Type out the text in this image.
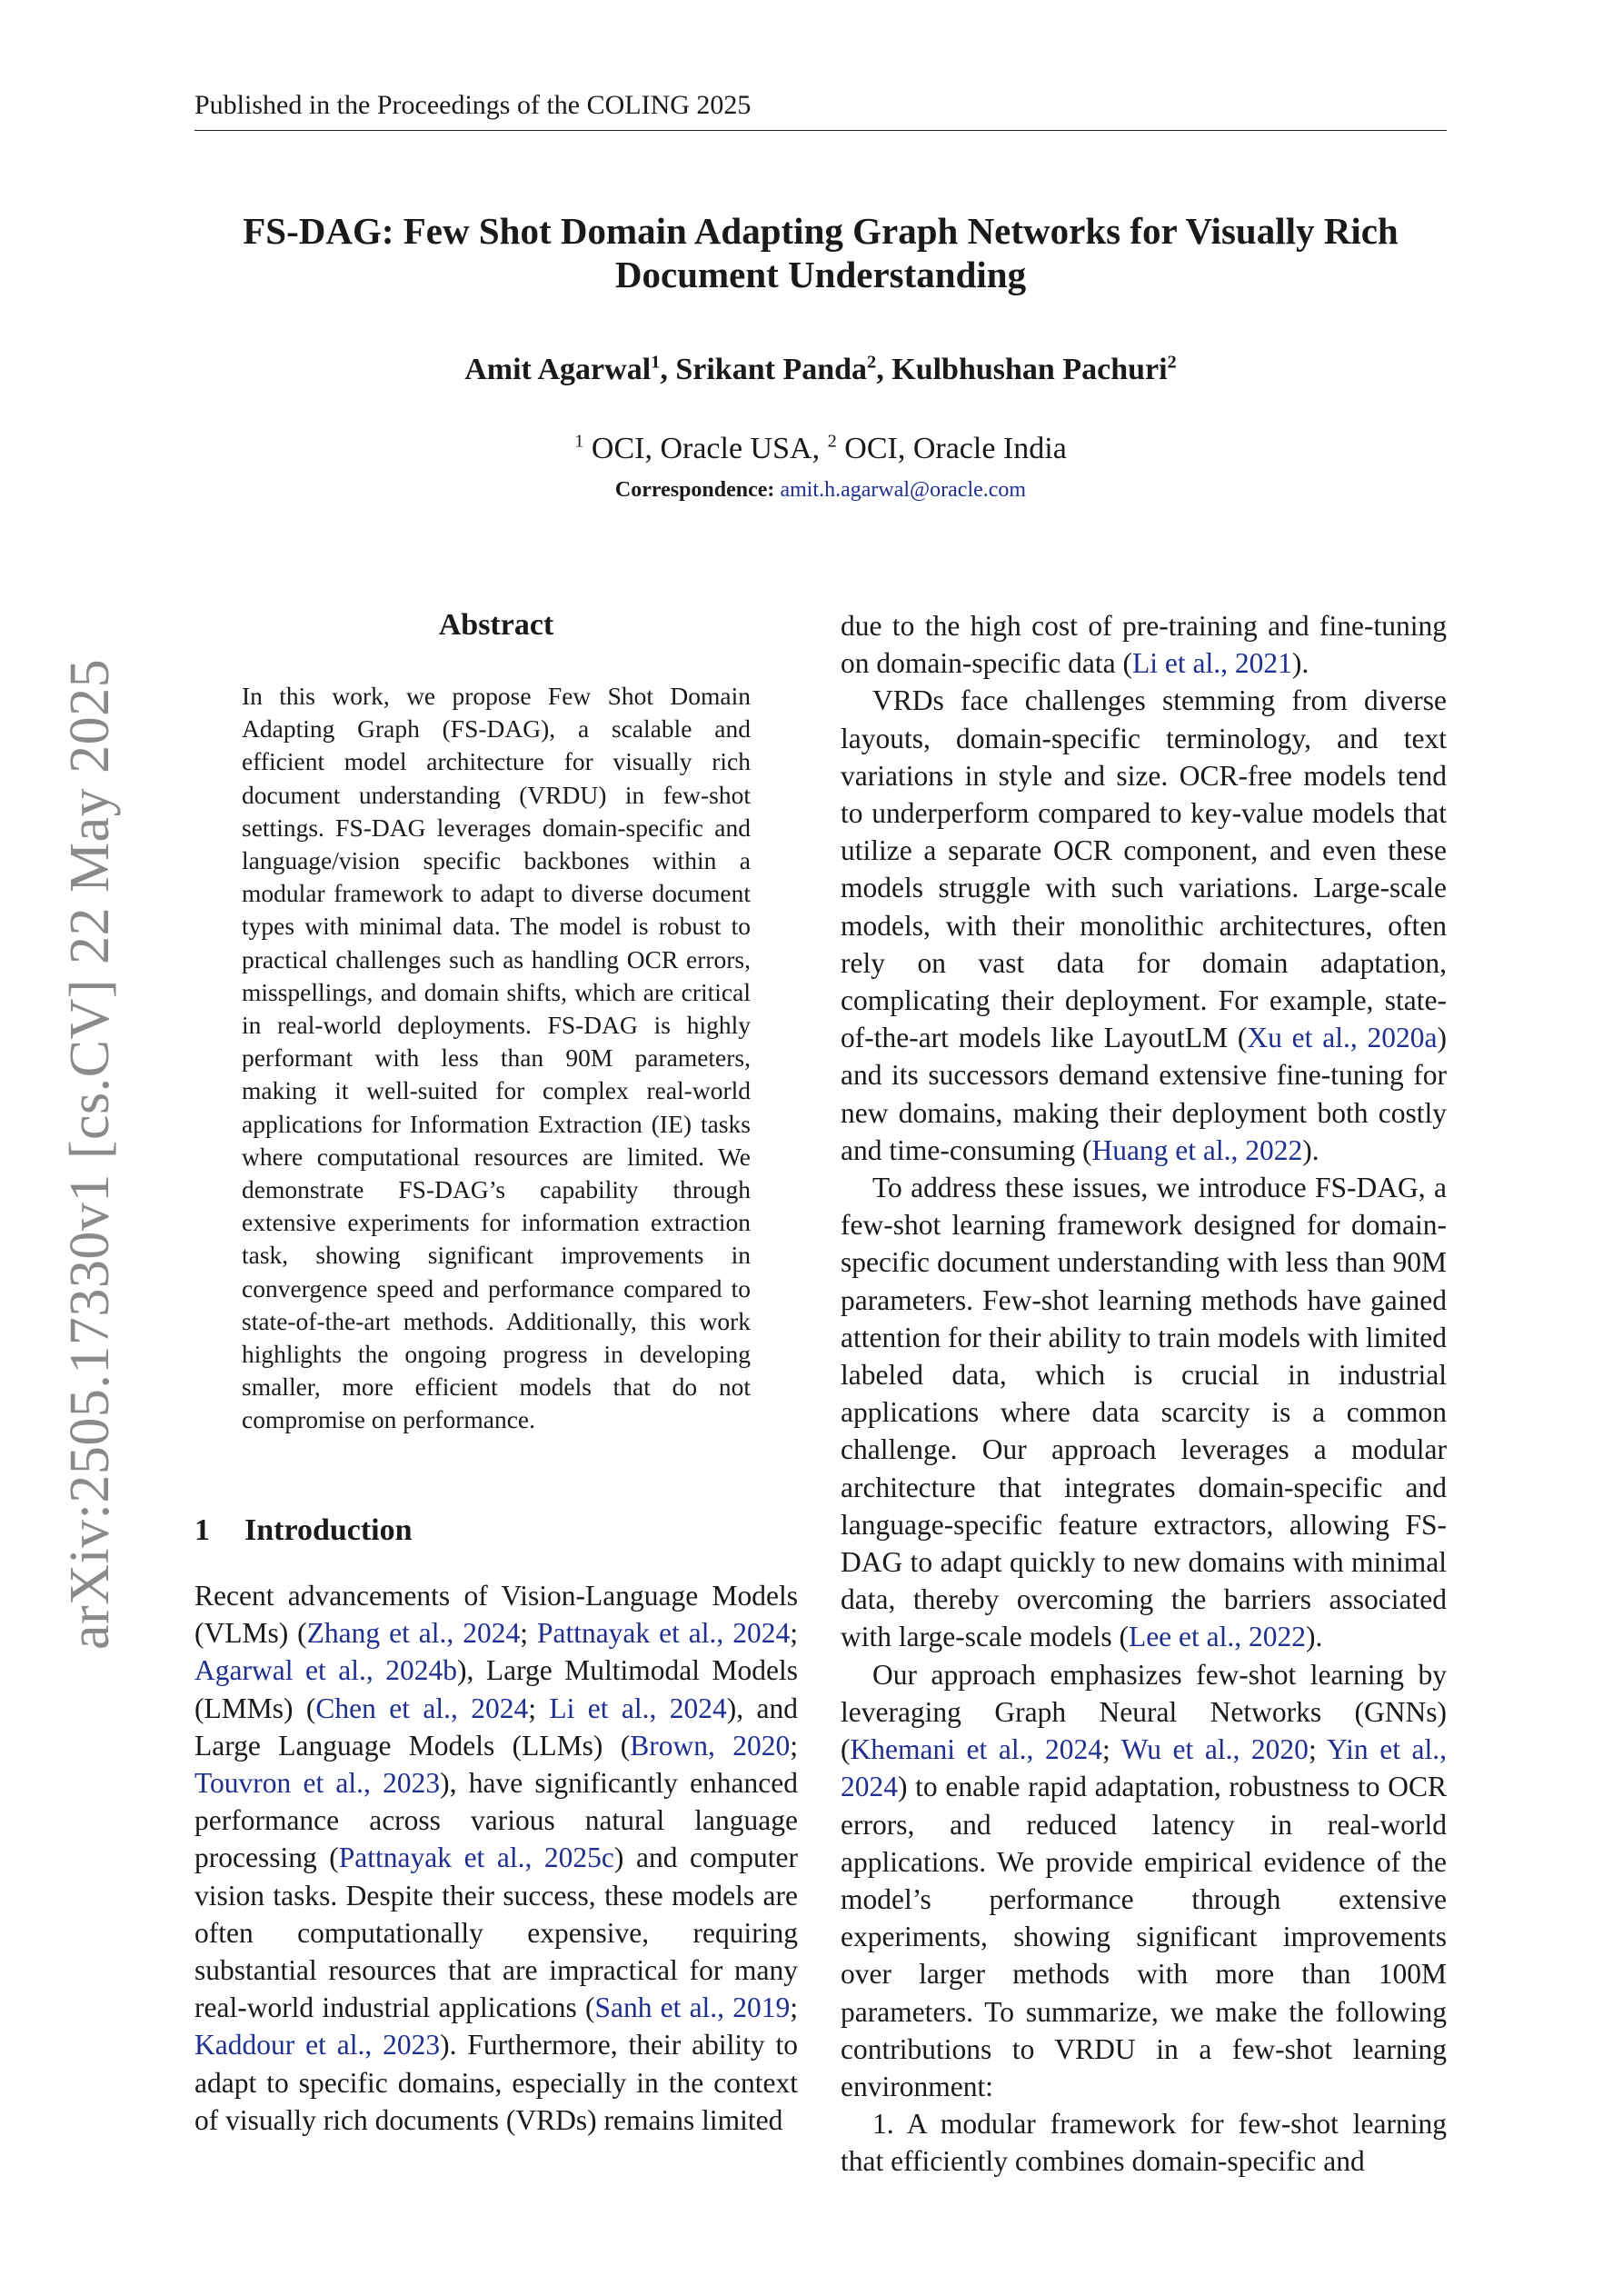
Published in the Proceedings of the COLING 2025
FS-DAG: Few Shot Domain Adapting Graph Networks for Visually Rich
Document Understanding
Amit Agarwal$^1$, Srikant Panda$^2$, Kulbhushan Pachuri$^2$
$^1$ OCI, Oracle USA, $^2$ OCI, Oracle India
Correspondence: amit.h.agarwal@oracle.com
arXiv:2505.17330v1 [cs.CV] 22 May 2025
Abstract
In this work, we propose Few Shot Domain Adapting Graph (FS-DAG), a scalable and efficient model architecture for visually rich document understanding (VRDU) in few-shot settings. FS-DAG leverages domain-specific and language/vision specific backbones within a modular framework to adapt to diverse document types with minimal data. The model is robust to practical challenges such as handling OCR errors, misspellings, and domain shifts, which are critical in real-world deployments. FS-DAG is highly performant with less than 90M parameters, making it well-suited for complex real-world applications for Information Extraction (IE) tasks where computational resources are limited. We demonstrate FS-DAG’s capability through extensive experiments for information extraction task, showing significant improvements in convergence speed and performance compared to state-of-the-art methods. Additionally, this work highlights the ongoing progress in developing smaller, more efficient models that do not compromise on performance.
1 Introduction

Recent advancements of Vision-Language Models (VLMs) (Zhang et al., 2024; Pattnayak et al., 2024; Agarwal et al., 2024b), Large Multimodal Models (LMMs) (Chen et al., 2024; Li et al., 2024), and Large Language Models (LLMs) (Brown, 2020; Touvron et al., 2023), have significantly enhanced performance across various natural language processing (Pattnayak et al., 2025c) and computer vision tasks. Despite their success, these models are often computationally expensive, requiring substantial resources that are impractical for many real-world industrial applications (Sanh et al., 2019; Kaddour et al., 2023). Furthermore, their ability to adapt to specific domains, especially in the context of visually rich documents (VRDs) remains limited

due to the high cost of pre-training and fine-tuning on domain-specific data (Li et al., 2021).

VRDs face challenges stemming from diverse layouts, domain-specific terminology, and text variations in style and size. OCR-free models tend to underperform compared to key-value models that utilize a separate OCR component, and even these models struggle with such variations. Large-scale models, with their monolithic architectures, often rely on vast data for domain adaptation, complicating their deployment. For example, state-of-the-art models like LayoutLM (Xu et al., 2020a) and its successors demand extensive fine-tuning for new domains, making their deployment both costly and time-consuming (Huang et al., 2022).

To address these issues, we introduce FS-DAG, a few-shot learning framework designed for domain-specific document understanding with less than 90M parameters. Few-shot learning methods have gained attention for their ability to train models with limited labeled data, which is crucial in industrial applications where data scarcity is a common challenge. Our approach leverages a modular architecture that integrates domain-specific and language-specific feature extractors, allowing FS-DAG to adapt quickly to new domains with minimal data, thereby overcoming the barriers associated with large-scale models (Lee et al., 2022).

Our approach emphasizes few-shot learning by leveraging Graph Neural Networks (GNNs) (Khemani et al., 2024; Wu et al., 2020; Yin et al., 2024) to enable rapid adaptation, robustness to OCR errors, and reduced latency in real-world applications. We provide empirical evidence of the model’s performance through extensive experiments, showing significant improvements over larger methods with more than 100M parameters. To summarize, we make the following contributions to VRDU in a few-shot learning environment:

1. A modular framework for few-shot learning that efficiently combines domain-specific and
